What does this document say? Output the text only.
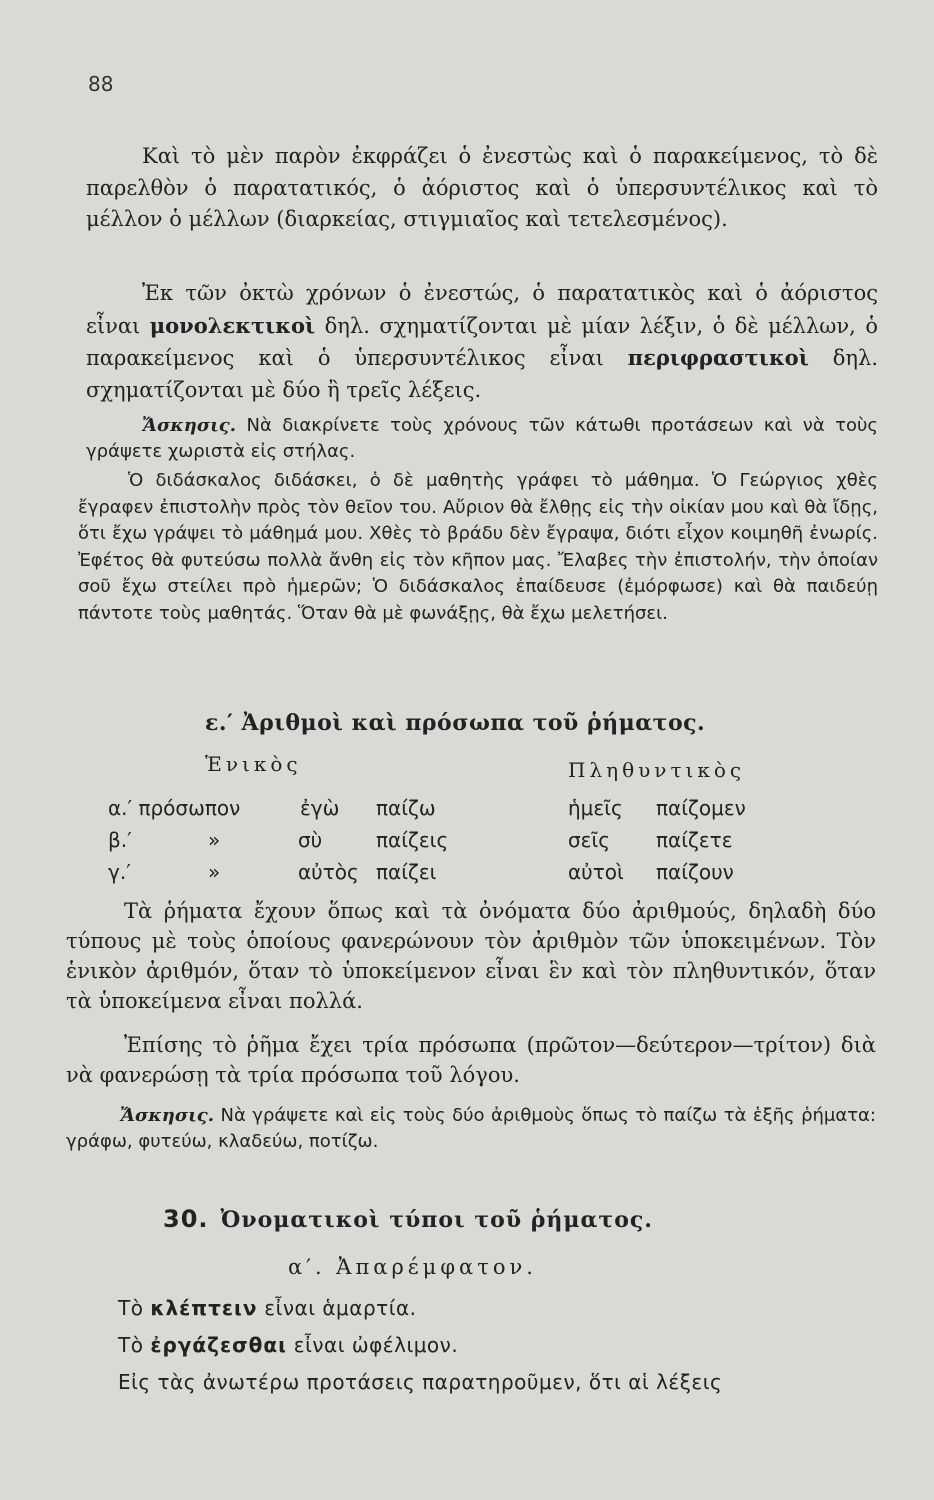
88
Καὶ τὸ μὲν παρὸν ἐκφράζει ὁ ἐνεστὼς καὶ ὁ παρακείμενος, τὸ δὲ παρελθὸν ὁ παρατατικός, ὁ ἀόριστος καὶ ὁ ὑπερσυντέλικος καὶ τὸ μέλλον ὁ μέλλων (διαρκείας, στιγμιαῖος καὶ τετελεσμένος).
Ἐκ τῶν ὀκτὼ χρόνων ὁ ἐνεστώς, ὁ παρατατικὸς καὶ ὁ ἀόριστος εἶναι μονολεκτικοὶ δηλ. σχηματίζονται μὲ μίαν λέξιν, ὁ δὲ μέλλων, ὁ παρακείμενος καὶ ὁ ὑπερσυντέλικος εἶναι περιφραστικοὶ δηλ. σχηματίζονται μὲ δύο ἢ τρεῖς λέξεις.
Ἄσκησις. Νὰ διακρίνετε τοὺς χρόνους τῶν κάτωθι προτάσεων καὶ νὰ τοὺς γράψετε χωριστὰ εἰς στήλας.
Ὁ διδάσκαλος διδάσκει, ὁ δὲ μαθητὴς γράφει τὸ μάθημα. Ὁ Γεώργιος χθὲς ἔγραφεν ἐπιστολὴν πρὸς τὸν θεῖον του. Αὔριον θὰ ἔλθῃς εἰς τὴν οἰκίαν μου καὶ θὰ ἴδῃς, ὅτι ἔχω γράψει τὸ μάθημά μου. Χθὲς τὸ βράδυ δὲν ἔγραψα, διότι εἶχον κοιμηθῆ ἐνωρίς. Ἐφέτος θὰ φυτεύσω πολλὰ ἄνθη εἰς τὸν κῆπον μας. Ἔλαβες τὴν ἐπιστολήν, τὴν ὁποίαν σοῦ ἔχω στείλει πρὸ ἡμερῶν; Ὁ διδάσκαλος ἐπαίδευσε (ἐμόρφωσε) καὶ θὰ παιδεύῃ πάντοτε τοὺς μαθητάς. Ὅταν θὰ μὲ φωνάξῃς, θὰ ἔχω μελετήσει.
ε.′ Ἀριθμοὶ καὶ πρόσωπα τοῦ ῥήματος.
Ἑνικὸς	Πληθυντικὸς
α.′ πρόσωπον	ἐγὼ παίζω	ἡμεῖς παίζομεν
β.′	»	σὺ	παίζεις	σεῖς παίζετε
γ.′	»	αὐτὸς παίζει	αὐτοὶ παίζουν
Τὰ ῥήματα ἔχουν ὅπως καὶ τὰ ὀνόματα δύο ἀριθμούς, δηλαδὴ δύο τύπους μὲ τοὺς ὁποίους φανερώνουν τὸν ἀριθμὸν τῶν ὑποκειμένων. Τὸν ἑνικὸν ἀριθμόν, ὅταν τὸ ὑποκείμενον εἶναι ἓν καὶ τὸν πληθυντικόν, ὅταν τὰ ὑποκείμενα εἶναι πολλά.
Ἐπίσης τὸ ῥῆμα ἔχει τρία πρόσωπα (πρῶτον—δεύτερον—τρίτον) διὰ νὰ φανερώσῃ τὰ τρία πρόσωπα τοῦ λόγου.
Ἄσκησις. Νὰ γράψετε καὶ εἰς τοὺς δύο ἀριθμοὺς ὅπως τὸ παίζω τὰ ἑξῆς ῥήματα: γράφω, φυτεύω, κλαδεύω, ποτίζω.
30. Ὀνοματικοὶ τύποι τοῦ ῥήματος.
α′. Ἀπαρέμφατον.
Τὸ κλέπτειν εἶναι ἁμαρτία.
Τὸ ἐργάζεσθαι εἶναι ὠφέλιμον.
Εἰς τὰς ἀνωτέρω προτάσεις παρατηροῦμεν, ὅτι αἱ λέξεις
